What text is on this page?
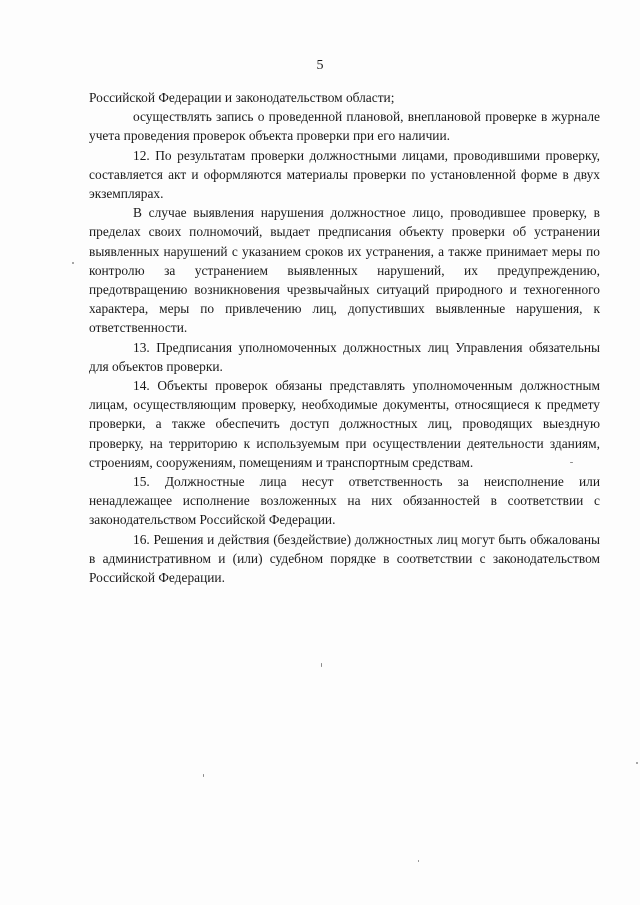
5

Российской Федерации и законодательством области;

осуществлять запись о проведенной плановой, внеплановой проверке в журнале учета проведения проверок объекта проверки при его наличии.

12. По результатам проверки должностными лицами, проводившими проверку, составляется акт и оформляются материалы проверки по установленной форме в двух экземплярах.

В случае выявления нарушения должностное лицо, проводившее проверку, в пределах своих полномочий, выдает предписания объекту проверки об устранении выявленных нарушений с указанием сроков их устранения, а также принимает меры по контролю за устранением выявленных нарушений, их предупреждению, предотвращению возникновения чрезвычайных ситуаций природного и техногенного характера, меры по привлечению лиц, допустивших выявленные нарушения, к ответственности.

13. Предписания уполномоченных должностных лиц Управления обязательны для объектов проверки.

14. Объекты проверок обязаны представлять уполномоченным должностным лицам, осуществляющим проверку, необходимые документы, относящиеся к предмету проверки, а также обеспечить доступ должностных лиц, проводящих выездную проверку, на территорию к используемым при осуществлении деятельности зданиям, строениям, сооружениям, помещениям и транспортным средствам.

15. Должностные лица несут ответственность за неисполнение или ненадлежащее исполнение возложенных на них обязанностей в соответствии с законодательством Российской Федерации.

16. Решения и действия (бездействие) должностных лиц могут быть обжалованы в административном и (или) судебном порядке в соответствии с законодательством Российской Федерации.
